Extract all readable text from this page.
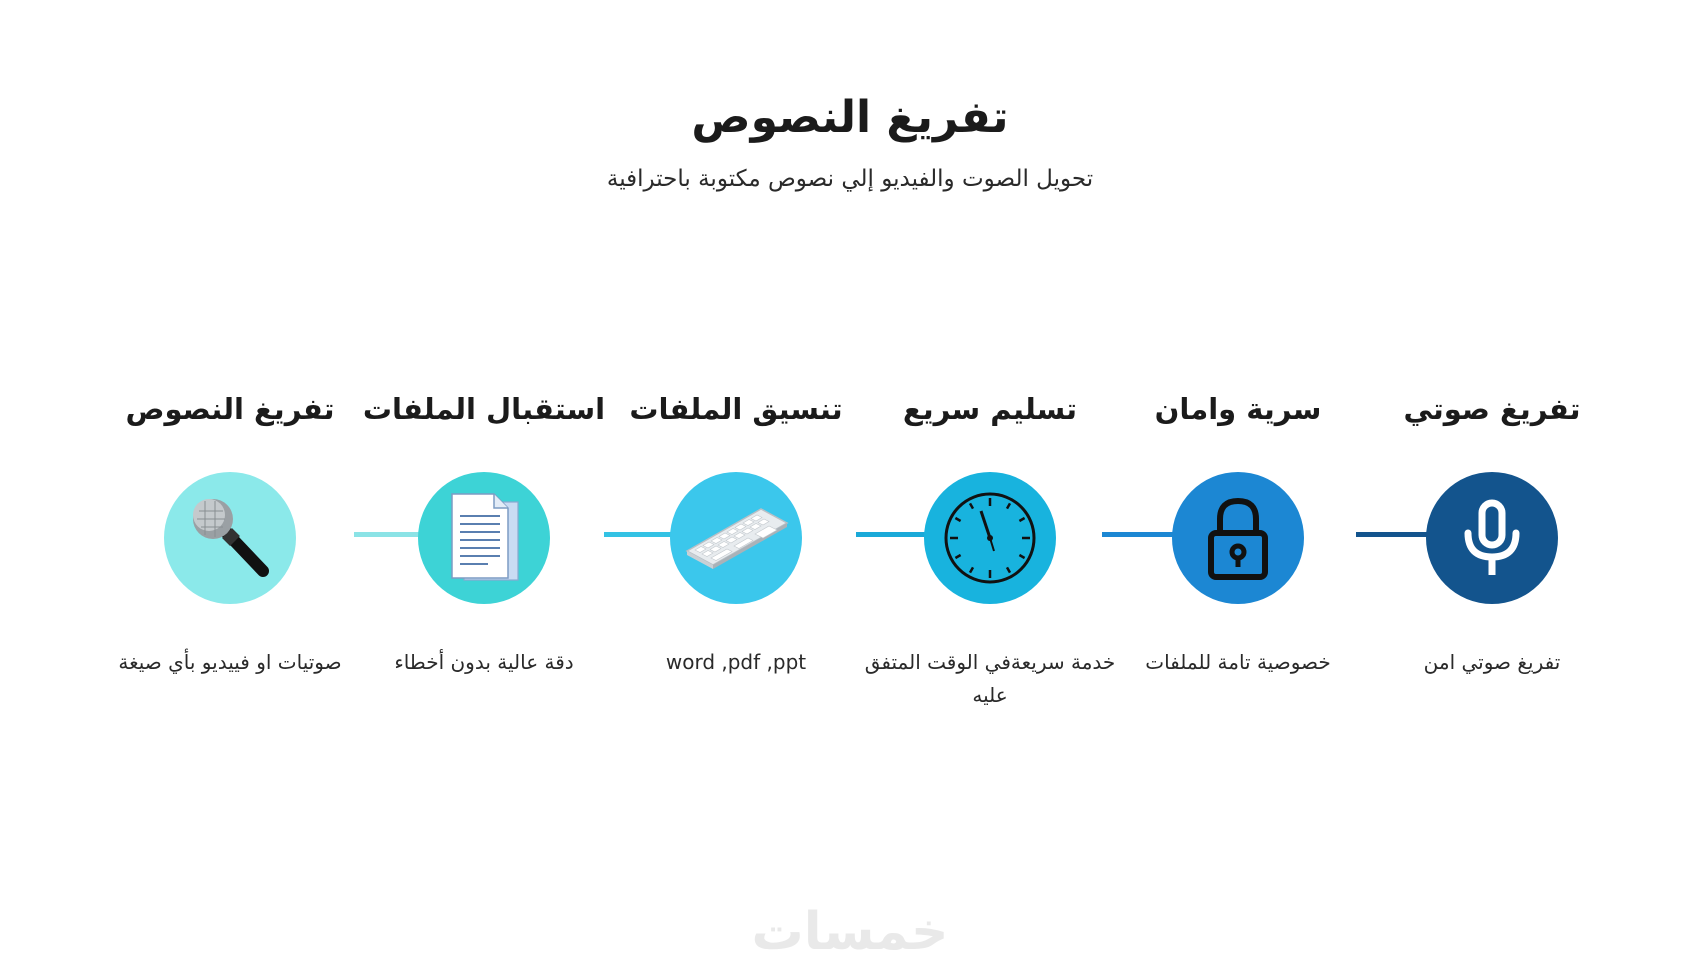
تفريغ النصوص
تحويل الصوت والفيديو إلي نصوص مكتوبة باحترافية
تفريغ صوتي
تفريغ صوتي امن
سرية وامان
خصوصية تامة للملفات
تسليم سريع
خدمة سريعةفي الوقت المتفق عليه
تنسيق الملفات
word ,pdf ,ppt
استقبال الملفات
دقة عالية بدون أخطاء
تفريغ النصوص
صوتيات او فييديو بأي صيغة
خمسات
